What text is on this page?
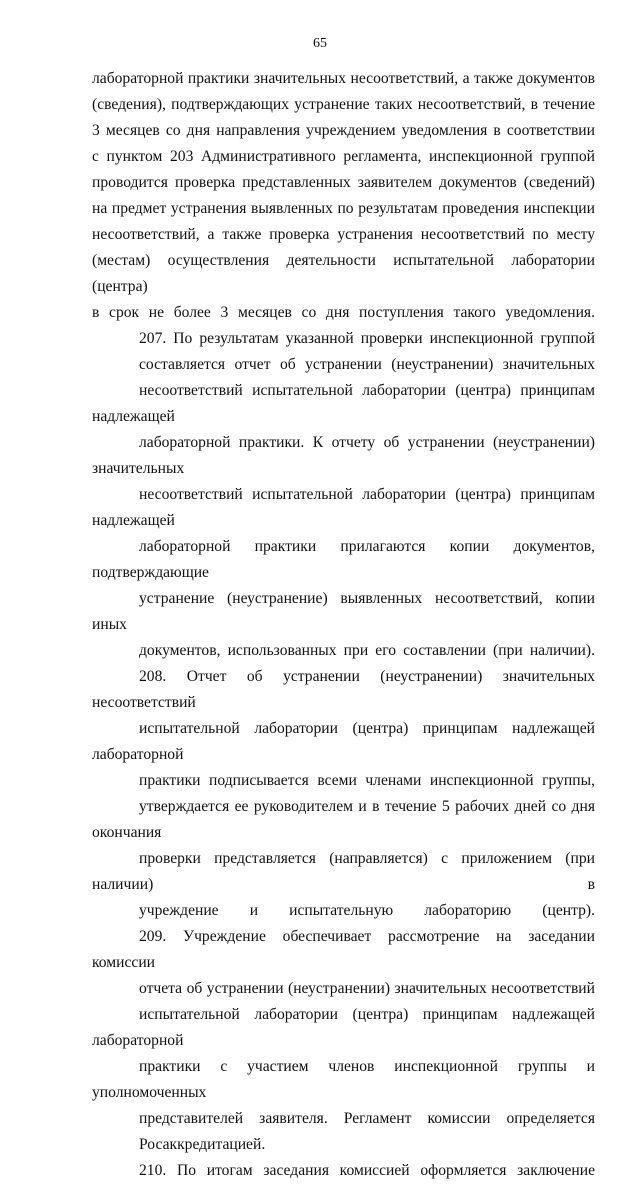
65

лабораторной практики значительных несоответствий, а также документов
(сведения), подтверждающих устранение таких несоответствий, в течение
3 месяцев со дня направления учреждением уведомления в соответствии
с пунктом 203 Административного регламента, инспекционной группой
проводится проверка представленных заявителем документов (сведений)
на предмет устранения выявленных по результатам проведения инспекции
несоответствий, а также проверка устранения несоответствий по месту
(местам) осуществления деятельности испытательной лаборатории (центра)
в срок не более 3 месяцев со дня поступления такого уведомления.

207. По результатам указанной проверки инспекционной группой
составляется отчет об устранении (неустранении) значительных
несоответствий испытательной лаборатории (центра) принципам надлежащей
лабораторной практики. К отчету об устранении (неустранении) значительных
несоответствий испытательной лаборатории (центра) принципам надлежащей
лабораторной практики прилагаются копии документов, подтверждающие
устранение (неустранение) выявленных несоответствий, копии иных
документов, использованных при его составлении (при наличии).

208. Отчет об устранении (неустранении) значительных несоответствий
испытательной лаборатории (центра) принципам надлежащей лабораторной
практики подписывается всеми членами инспекционной группы,
утверждается ее руководителем и в течение 5 рабочих дней со дня окончания
проверки представляется (направляется) с приложением (при наличии) в
учреждение и испытательную лабораторию (центр).

209. Учреждение обеспечивает рассмотрение на заседании комиссии
отчета об устранении (неустранении) значительных несоответствий
испытательной лаборатории (центра) принципам надлежащей лабораторной
практики с участием членов инспекционной группы и уполномоченных
представителей заявителя. Регламент комиссии определяется
Росаккредитацией.

210. По итогам заседания комиссией оформляется заключение
